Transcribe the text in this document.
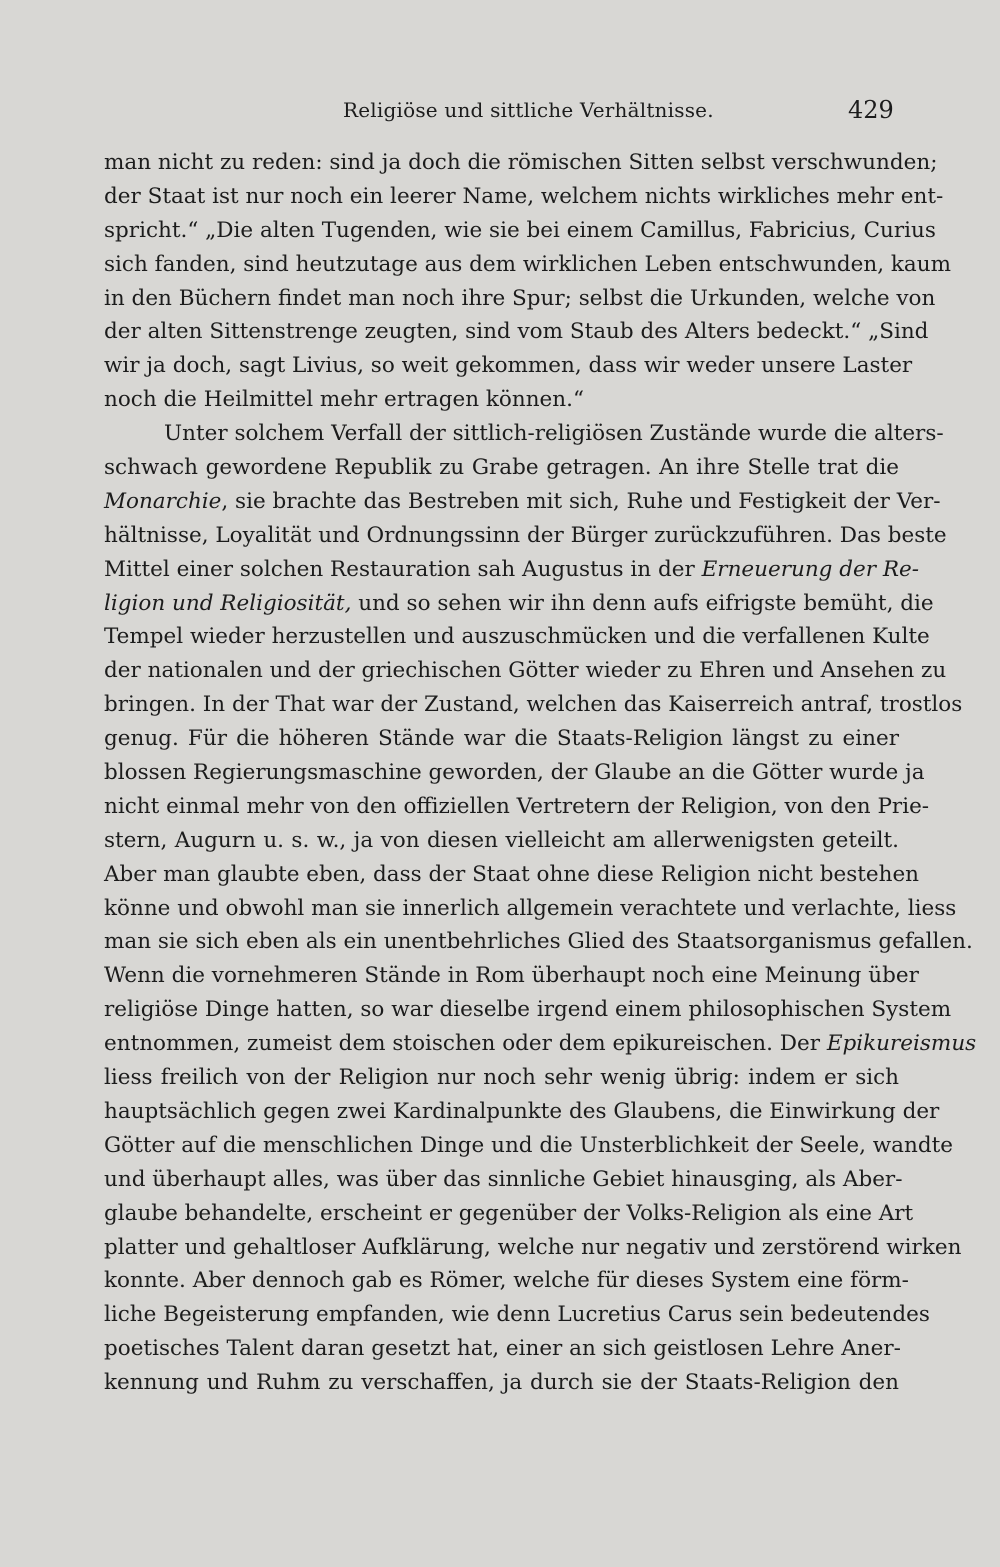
Religiöse und sittliche Verhältnisse.	429
man nicht zu reden: sind ja doch die römischen Sitten selbst verschwunden;
der Staat ist nur noch ein leerer Name, welchem nichts wirkliches mehr ent-
spricht.“ „Die alten Tugenden, wie sie bei einem Camillus, Fabricius, Curius
sich fanden, sind heutzutage aus dem wirklichen Leben entschwunden, kaum
in den Büchern findet man noch ihre Spur; selbst die Urkunden, welche von
der alten Sittenstrenge zeugten, sind vom Staub des Alters bedeckt.“ „Sind
wir ja doch, sagt Livius, so weit gekommen, dass wir weder unsere Laster
noch die Heilmittel mehr ertragen können.“
Unter solchem Verfall der sittlich-religiösen Zustände wurde die alters-
schwach gewordene Republik zu Grabe getragen. An ihre Stelle trat die
Monarchie, sie brachte das Bestreben mit sich, Ruhe und Festigkeit der Ver-
hältnisse, Loyalität und Ordnungssinn der Bürger zurückzuführen. Das beste
Mittel einer solchen Restauration sah Augustus in der Erneuerung der Re-
ligion und Religiosität, und so sehen wir ihn denn aufs eifrigste bemüht, die
Tempel wieder herzustellen und auszuschmücken und die verfallenen Kulte
der nationalen und der griechischen Götter wieder zu Ehren und Ansehen zu
bringen. In der That war der Zustand, welchen das Kaiserreich antraf, trostlos
genug. Für die höheren Stände war die Staats-Religion längst zu einer
blossen Regierungsmaschine geworden, der Glaube an die Götter wurde ja
nicht einmal mehr von den offiziellen Vertretern der Religion, von den Prie-
stern, Augurn u. s. w., ja von diesen vielleicht am allerwenigsten geteilt.
Aber man glaubte eben, dass der Staat ohne diese Religion nicht bestehen
könne und obwohl man sie innerlich allgemein verachtete und verlachte, liess
man sie sich eben als ein unentbehrliches Glied des Staatsorganismus gefallen.
Wenn die vornehmeren Stände in Rom überhaupt noch eine Meinung über
religiöse Dinge hatten, so war dieselbe irgend einem philosophischen System
entnommen, zumeist dem stoischen oder dem epikureischen. Der Epikureismus
liess freilich von der Religion nur noch sehr wenig übrig: indem er sich
hauptsächlich gegen zwei Kardinalpunkte des Glaubens, die Einwirkung der
Götter auf die menschlichen Dinge und die Unsterblichkeit der Seele, wandte
und überhaupt alles, was über das sinnliche Gebiet hinausging, als Aber-
glaube behandelte, erscheint er gegenüber der Volks-Religion als eine Art
platter und gehaltloser Aufklärung, welche nur negativ und zerstörend wirken
konnte. Aber dennoch gab es Römer, welche für dieses System eine förm-
liche Begeisterung empfanden, wie denn Lucretius Carus sein bedeutendes
poetisches Talent daran gesetzt hat, einer an sich geistlosen Lehre Aner-
kennung und Ruhm zu verschaffen, ja durch sie der Staats-Religion den
